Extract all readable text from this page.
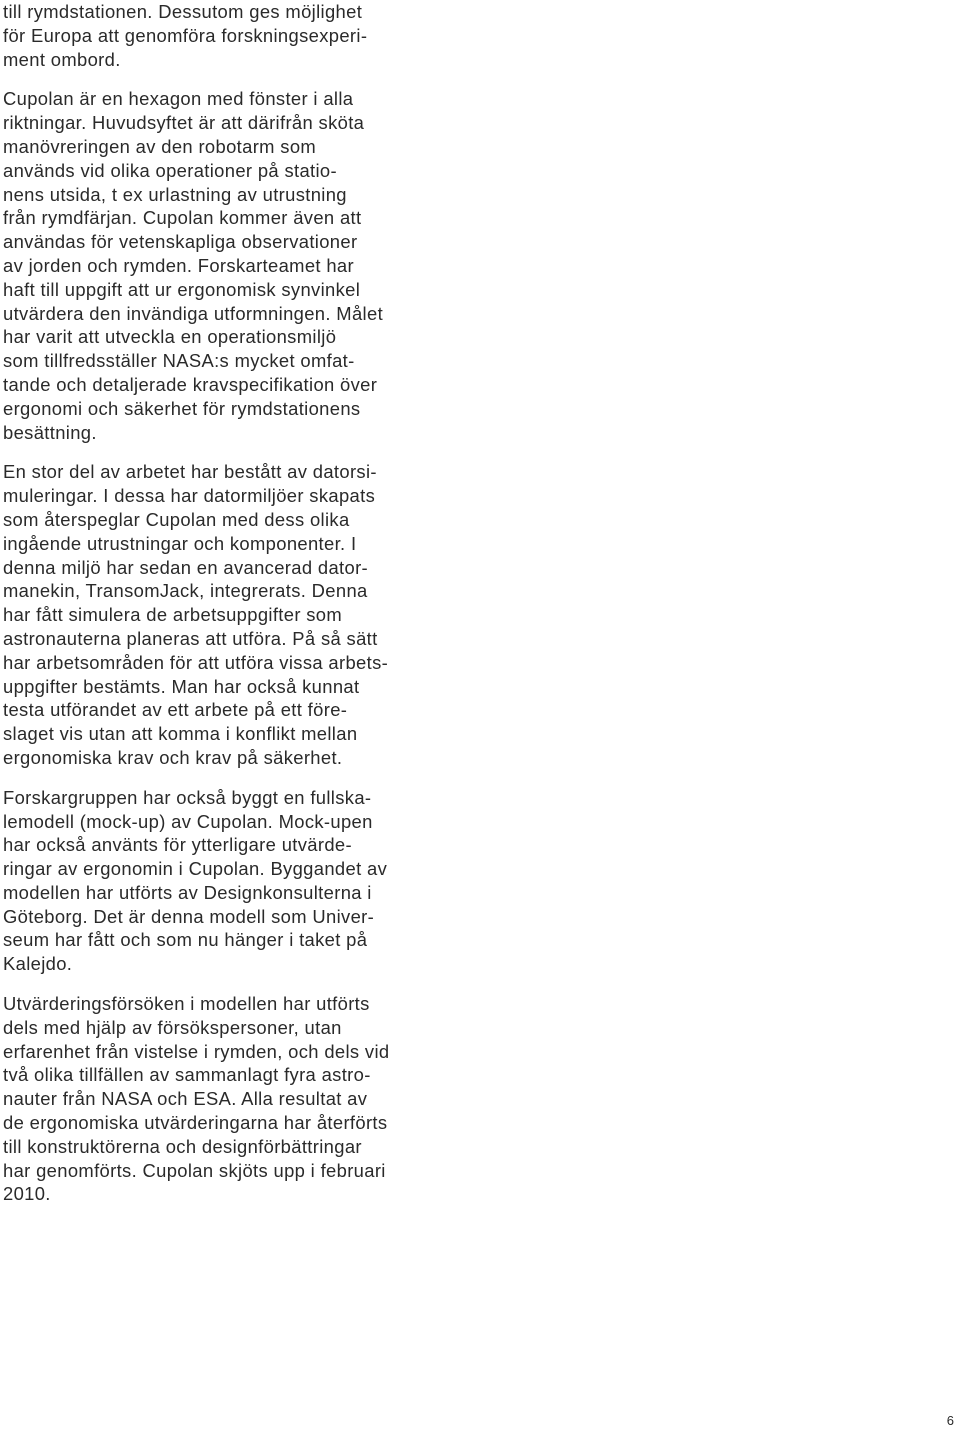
till rymdstationen. Dessutom ges möjlighet
för Europa att genomföra forskningsexperi-
ment ombord.

Cupolan är en hexagon med fönster i alla
riktningar. Huvudsyftet är att därifrån sköta
manövreringen av den robotarm som
används vid olika operationer på statio-
nens utsida, t ex urlastning av utrustning
från rymdfärjan. Cupolan kommer även att
användas för vetenskapliga observationer
av jorden och rymden. Forskarteamet har
haft till uppgift att ur ergonomisk synvinkel
utvärdera den invändiga utformningen. Målet
har varit att utveckla en operationsmiljö
som tillfredsställer NASA:s mycket omfat-
tande och detaljerade kravspecifikation över
ergonomi och säkerhet för rymdstationens
besättning.

En stor del av arbetet har bestått av datorsi-
muleringar. I dessa har datormiljöer skapats
som återspeglar Cupolan med dess olika
ingående utrustningar och komponenter. I
denna miljö har sedan en avancerad dator-
manekin, TransomJack, integrerats. Denna
har fått simulera de arbetsuppgifter som
astronauterna planeras att utföra. På så sätt
har arbetsområden för att utföra vissa arbets-
uppgifter bestämts. Man har också kunnat
testa utförandet av ett arbete på ett före-
slaget vis utan att komma i konflikt mellan
ergonomiska krav och krav på säkerhet.

Forskargruppen har också byggt en fullska-
lemodell (mock-up) av Cupolan. Mock-upen
har också använts för ytterligare utvärde-
ringar av ergonomin i Cupolan. Byggandet av
modellen har utförts av Designkonsulterna i
Göteborg. Det är denna modell som Univer-
seum har fått och som nu hänger i taket på
Kalejdo.

Utvärderingsförsöken i modellen har utförts
dels med hjälp av försökspersoner, utan
erfarenhet från vistelse i rymden, och dels vid
två olika tillfällen av sammanlagt fyra astro-
nauter från NASA och ESA. Alla resultat av
de ergonomiska utvärderingarna har återförts
till konstruktörerna och designförbättringar
har genomförts. Cupolan skjöts upp i februari
2010.

6
